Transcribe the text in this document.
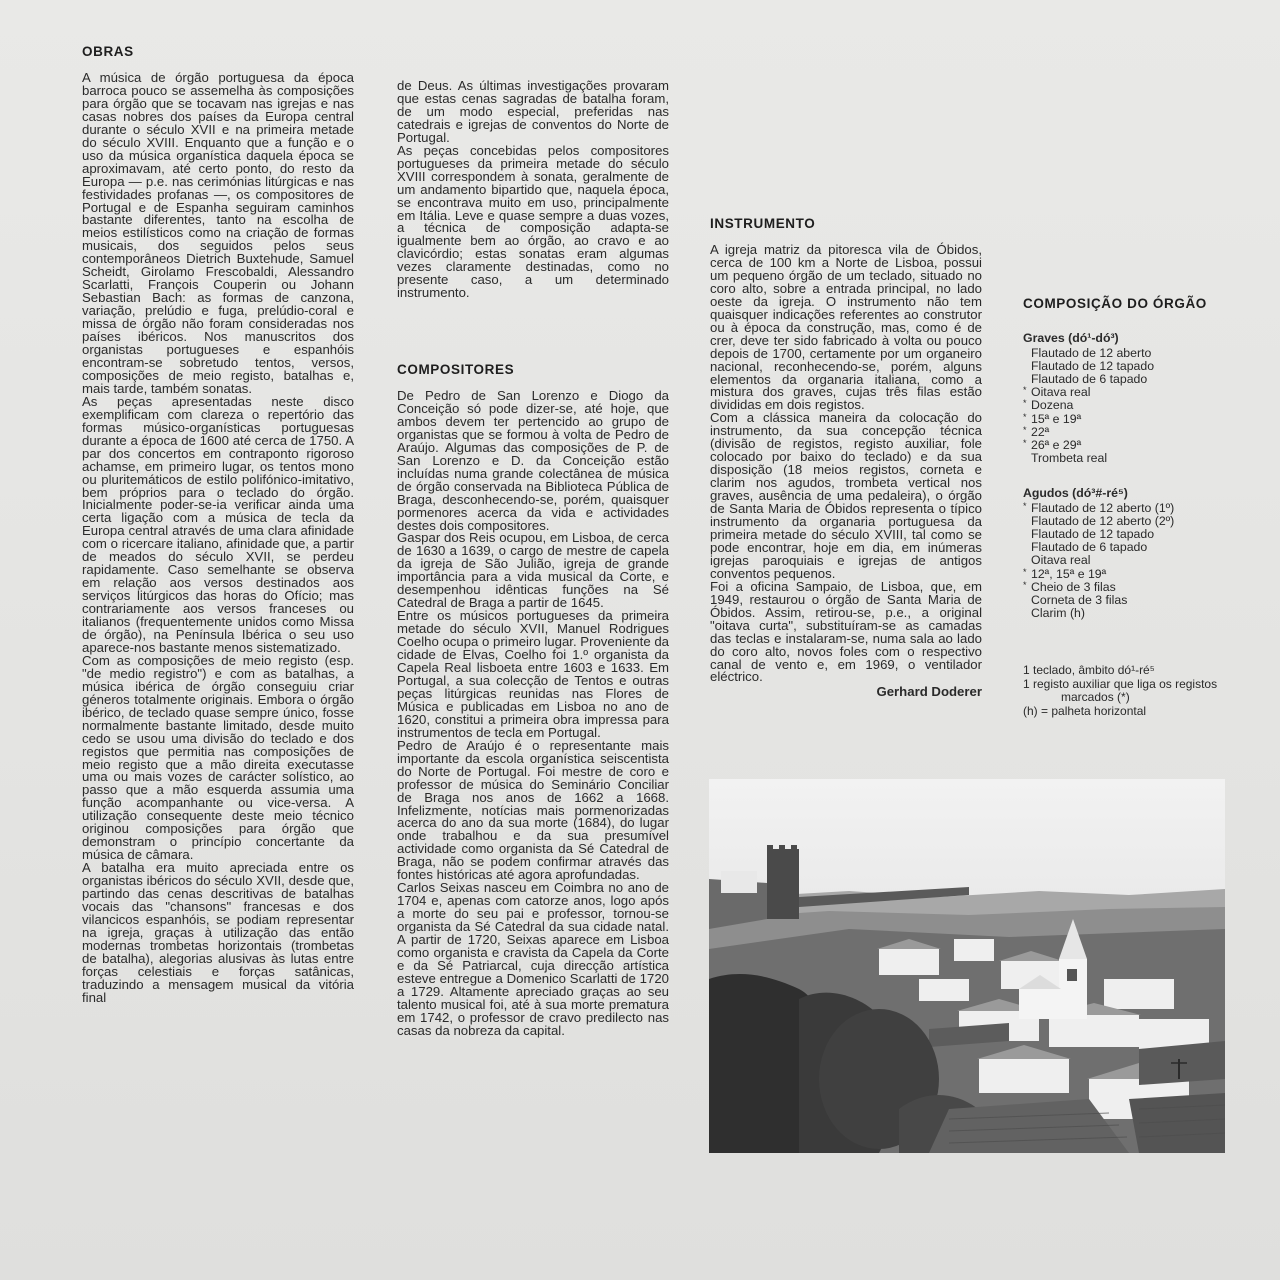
OBRAS

A música de órgão portuguesa da época barroca pouco se assemelha às composições para órgão que se tocavam nas igrejas e nas casas nobres dos países da Europa central durante o século XVII e na primeira metade do século XVIII. Enquanto que a função e o uso da música organística daquela época se aproximavam, até certo ponto, do resto da Europa — p.e. nas cerimónias litúrgicas e nas festividades profanas —, os compositores de Portugal e de Espanha seguiram caminhos bastante diferentes, tanto na escolha de meios estilísticos como na criação de formas musicais, dos seguidos pelos seus contemporâneos Dietrich Buxtehude, Samuel Scheidt, Girolamo Frescobaldi, Alessandro Scarlatti, François Couperin ou Johann Sebastian Bach: as formas de canzona, variação, prelúdio e fuga, prelúdio-coral e missa de órgão não foram consideradas nos países ibéricos. Nos manuscritos dos organistas portugueses e espanhóis encontram-se sobretudo tentos, versos, composições de meio registo, batalhas e, mais tarde, também sonatas.

As peças apresentadas neste disco exemplificam com clareza o repertório das formas músico-organísticas portuguesas durante a época de 1600 até cerca de 1750. A par dos concertos em contraponto rigoroso achamse, em primeiro lugar, os tentos mono ou pluritemáticos de estilo polifónico-imitativo, bem próprios para o teclado do órgão. Inicialmente poder-se-ia verificar ainda uma certa ligação com a música de tecla da Europa central através de uma clara afinidade com o ricercare italiano, afinidade que, a partir de meados do século XVII, se perdeu rapidamente. Caso semelhante se observa em relação aos versos destinados aos serviços litúrgicos das horas do Ofício; mas contrariamente aos versos franceses ou italianos (frequentemente unidos como Missa de órgão), na Península Ibérica o seu uso aparece-nos bastante menos sistematizado.

Com as composições de meio registo (esp. "de medio registro") e com as batalhas, a música ibérica de órgão conseguiu criar géneros totalmente originais. Embora o órgão ibérico, de teclado quase sempre único, fosse normalmente bastante limitado, desde muito cedo se usou uma divisão do teclado e dos registos que permitia nas composições de meio registo que a mão direita executasse uma ou mais vozes de carácter solístico, ao passo que a mão esquerda assumia uma função acompanhante ou vice-versa. A utilização consequente deste meio técnico originou composições para órgão que demonstram o princípio concertante da música de câmara.

A batalha era muito apreciada entre os organistas ibéricos do século XVII, desde que, partindo das cenas descritivas de batalhas vocais das "chansons" francesas e dos vilancicos espanhóis, se podiam representar na igreja, graças à utilização das então modernas trombetas horizontais (trombetas de batalha), alegorias alusivas às lutas entre forças celestiais e forças satânicas, traduzindo a mensagem musical da vitória final

de Deus. As últimas investigações provaram que estas cenas sagradas de batalha foram, de um modo especial, preferidas nas catedrais e igrejas de conventos do Norte de Portugal.

As peças concebidas pelos compositores portugueses da primeira metade do século XVIII correspondem à sonata, geralmente de um andamento bipartido que, naquela época, se encontrava muito em uso, principalmente em Itália. Leve e quase sempre a duas vozes, a técnica de composição adapta-se igualmente bem ao órgão, ao cravo e ao clavicórdio; estas sonatas eram algumas vezes claramente destinadas, como no presente caso, a um determinado instrumento.

COMPOSITORES

De Pedro de San Lorenzo e Diogo da Conceição só pode dizer-se, até hoje, que ambos devem ter pertencido ao grupo de organistas que se formou à volta de Pedro de Araújo. Algumas das composições de P. de San Lorenzo e D. da Conceição estão incluídas numa grande colectânea de música de órgão conservada na Biblioteca Pública de Braga, desconhecendo-se, porém, quaisquer pormenores acerca da vida e actividades destes dois compositores.

Gaspar dos Reis ocupou, em Lisboa, de cerca de 1630 a 1639, o cargo de mestre de capela da igreja de São Julião, igreja de grande importância para a vida musical da Corte, e desempenhou idênticas funções na Sé Catedral de Braga a partir de 1645.

Entre os músicos portugueses da primeira metade do século XVII, Manuel Rodrigues Coelho ocupa o primeiro lugar. Proveniente da cidade de Elvas, Coelho foi 1.º organista da Capela Real lisboeta entre 1603 e 1633. Em Portugal, a sua colecção de Tentos e outras peças litúrgicas reunidas nas Flores de Música e publicadas em Lisboa no ano de 1620, constitui a primeira obra impressa para instrumentos de tecla em Portugal.

Pedro de Araújo é o representante mais importante da escola organística seiscentista do Norte de Portugal. Foi mestre de coro e professor de música do Seminário Conciliar de Braga nos anos de 1662 a 1668. Infelizmente, notícias mais pormenorizadas acerca do ano da sua morte (1684), do lugar onde trabalhou e da sua presumível actividade como organista da Sé Catedral de Braga, não se podem confirmar através das fontes históricas até agora aprofundadas.

Carlos Seixas nasceu em Coimbra no ano de 1704 e, apenas com catorze anos, logo após a morte do seu pai e professor, tornou-se organista da Sé Catedral da sua cidade natal. A partir de 1720, Seixas aparece em Lisboa como organista e cravista da Capela da Corte e da Sé Patriarcal, cuja direcção artística esteve entregue a Domenico Scarlatti de 1720 a 1729. Altamente apreciado graças ao seu talento musical foi, até à sua morte prematura em 1742, o professor de cravo predilecto nas casas da nobreza da capital.

INSTRUMENTO

A igreja matriz da pitoresca vila de Óbidos, cerca de 100 km a Norte de Lisboa, possui um pequeno órgão de um teclado, situado no coro alto, sobre a entrada principal, no lado oeste da igreja. O instrumento não tem quaisquer indicações referentes ao construtor ou à época da construção, mas, como é de crer, deve ter sido fabricado à volta ou pouco depois de 1700, certamente por um organeiro nacional, reconhecendo-se, porém, alguns elementos da organaria italiana, como a mistura dos graves, cujas três filas estão divididas em dois registos.

Com a clássica maneira da colocação do instrumento, da sua concepção técnica (divisão de registos, registo auxiliar, fole colocado por baixo do teclado) e da sua disposição (18 meios registos, corneta e clarim nos agudos, trombeta vertical nos graves, ausência de uma pedaleira), o órgão de Santa Maria de Óbidos representa o típico instrumento da organaria portuguesa da primeira metade do século XVIII, tal como se pode encontrar, hoje em dia, em inúmeras igrejas paroquiais e igrejas de antigos conventos pequenos.

Foi a oficina Sampaio, de Lisboa, que, em 1949, restaurou o órgão de Santa Maria de Óbidos. Assim, retirou-se, p.e., a original "oitava curta", substituíram-se as camadas das teclas e instalaram-se, numa sala ao lado do coro alto, novos foles com o respectivo canal de vento e, em 1969, o ventilador eléctrico.

Gerhard Doderer

COMPOSIÇÃO DO ÓRGÃO
Graves (dó¹-dó³)
Flautado de 12 aberto
Flautado de 12 tapado
Flautado de 6 tapado
* Oitava real
* Dozena
* 15ª e 19ª
* 22ª
* 26ª e 29ª
Trombeta real
Agudos (dó³#-ré⁵)
* Flautado de 12 aberto (1º)
Flautado de 12 aberto (2º)
Flautado de 12 tapado
Flautado de 6 tapado
Oitava real
* 12ª, 15ª e 19ª
* Cheio de 3 filas
Corneta de 3 filas
Clarim (h)
1 teclado, âmbito dó¹-ré⁵
1 registo auxiliar que liga os registos
marcados (*)
(h) = palheta horizontal
